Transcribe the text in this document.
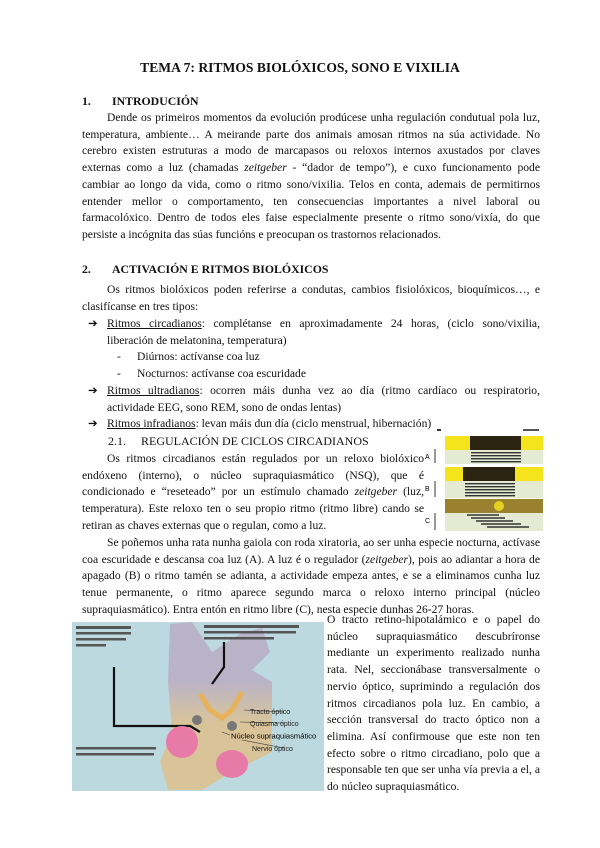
TEMA 7: RITMOS BIOLÓXICOS, SONO E VIXILIA
1. INTRODUCIÓN

Dende os primeiros momentos da evolución prodúcese unha regulación condutual pola luz, temperatura, ambiente… A meirande parte dos animais amosan ritmos na súa actividade. No cerebro existen estruturas a modo de marcapasos ou reloxos internos axustados por claves externas como a luz (chamadas zeitgeber - “dador de tempo”), e cuxo funcionamento pode cambiar ao longo da vida, como o ritmo sono/vixilia. Telos en conta, ademais de permitirnos entender mellor o comportamento, ten consecuencias importantes a nivel laboral ou farmacolóxico. Dentro de todos eles faise especialmente presente o ritmo sono/vixía, do que persiste a incógnita das súas funcións e preocupan os trastornos relacionados.

2. ACTIVACIÓN E RITMOS BIOLÓXICOS

Os ritmos biolóxicos poden referirse a condutas, cambios fisiolóxicos, bioquímicos…, e clasifícanse en tres tipos:

➔ Ritmos circadianos: complétanse en aproximadamente 24 horas, (ciclo sono/vixilia, liberación de melatonina, temperatura)

- Diúrnos: actívanse coa luz
- Nocturnos: actívanse coa escuridade

➔ Ritmos ultradianos: ocorren máis dunha vez ao día (ritmo cardíaco ou respiratorio, actividade EEG, sono REM, sono de ondas lentas)

➔ Ritmos infradianos: levan máis dun día (ciclo menstrual, hibernación)

2.1. REGULACIÓN DE CICLOS CIRCADIANOS

Os ritmos circadianos están regulados por un reloxo biolóxico endóxeno (interno), o núcleo supraquiasmático (NSQ), que é condicionado e “reseteado” por un estímulo chamado zeitgeber (luz, temperatura). Este reloxo ten o seu propio ritmo (ritmo libre) cando se retiran as chaves externas que o regulan, como a luz.

A
B
C

Se poñemos unha rata nunha gaiola con roda xiratoria, ao ser unha especie nocturna, actívase coa escuridade e descansa coa luz (A). A luz é o regulador (zeitgeber), pois ao adiantar a hora de apagado (B) o ritmo tamén se adianta, a actividade empeza antes, e se a eliminamos cunha luz tenue permanente, o ritmo aparece segundo marca o reloxo interno principal (núcleo supraquiasmático). Entra entón en ritmo libre (C), nesta especie dunhas 26-27 horas.

Tracto óptico
Quiasma óptico
Núcleo supraquiasmático
Nervio óptico

O tracto retino-hipotalámico e o papel do núcleo supraquiasmático descubríronse mediante un experimento realizado nunha rata. Nel, seccionábase transversalmente o nervio óptico, suprimindo a regulación dos ritmos circadianos pola luz. En cambio, a sección transversal do tracto óptico non a elimina. Así confirmouse que este non ten efecto sobre o ritmo circadiano, polo que a responsable ten que ser unha vía previa a el, a do núcleo supraquiasmático.
